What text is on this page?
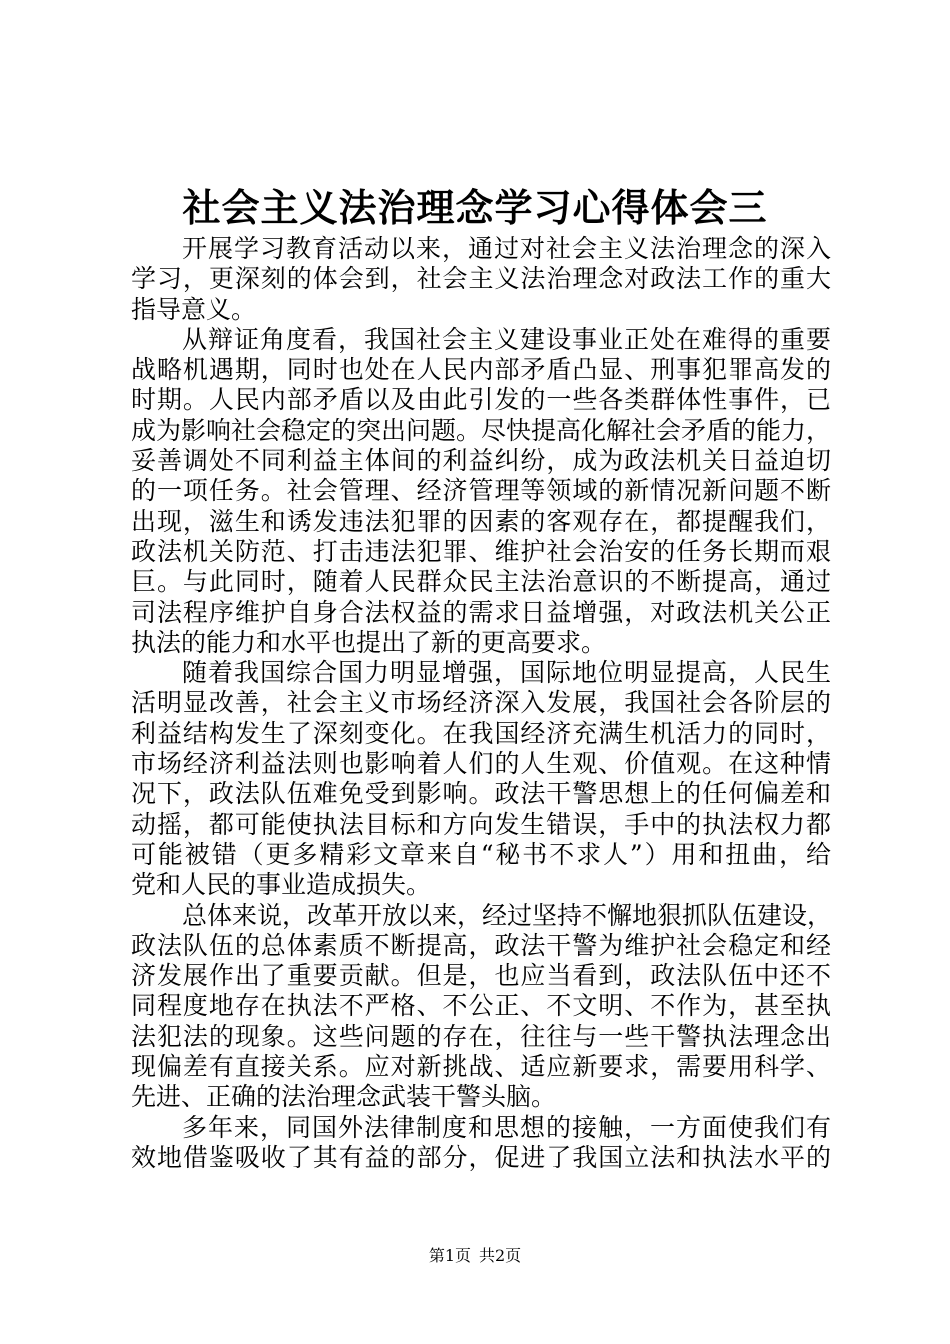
社会主义法治理念学习心得体会三
开展学习教育活动以来，通过对社会主义法治理念的深入
学习，更深刻的体会到，社会主义法治理念对政法工作的重大
指导意义。
从辩证角度看，我国社会主义建设事业正处在难得的重要
战略机遇期，同时也处在人民内部矛盾凸显、刑事犯罪高发的
时期。人民内部矛盾以及由此引发的一些各类群体性事件，已
成为影响社会稳定的突出问题。尽快提高化解社会矛盾的能力，
妥善调处不同利益主体间的利益纠纷，成为政法机关日益迫切
的一项任务。社会管理、经济管理等领域的新情况新问题不断
出现，滋生和诱发违法犯罪的因素的客观存在，都提醒我们，
政法机关防范、打击违法犯罪、维护社会治安的任务长期而艰
巨。与此同时，随着人民群众民主法治意识的不断提高，通过
司法程序维护自身合法权益的需求日益增强，对政法机关公正
执法的能力和水平也提出了新的更高要求。
随着我国综合国力明显增强，国际地位明显提高，人民生
活明显改善，社会主义市场经济深入发展，我国社会各阶层的
利益结构发生了深刻变化。在我国经济充满生机活力的同时，
市场经济利益法则也影响着人们的人生观、价值观。在这种情
况下，政法队伍难免受到影响。政法干警思想上的任何偏差和
动摇，都可能使执法目标和方向发生错误，手中的执法权力都
可能被错（更多精彩文章来自“秘书不求人”）用和扭曲，给
党和人民的事业造成损失。
总体来说，改革开放以来，经过坚持不懈地狠抓队伍建设，
政法队伍的总体素质不断提高，政法干警为维护社会稳定和经
济发展作出了重要贡献。但是，也应当看到，政法队伍中还不
同程度地存在执法不严格、不公正、不文明、不作为，甚至执
法犯法的现象。这些问题的存在，往往与一些干警执法理念出
现偏差有直接关系。应对新挑战、适应新要求，需要用科学、
先进、正确的法治理念武装干警头脑。
多年来，同国外法律制度和思想的接触，一方面使我们有
效地借鉴吸收了其有益的部分，促进了我国立法和执法水平的
第1页 共2页
